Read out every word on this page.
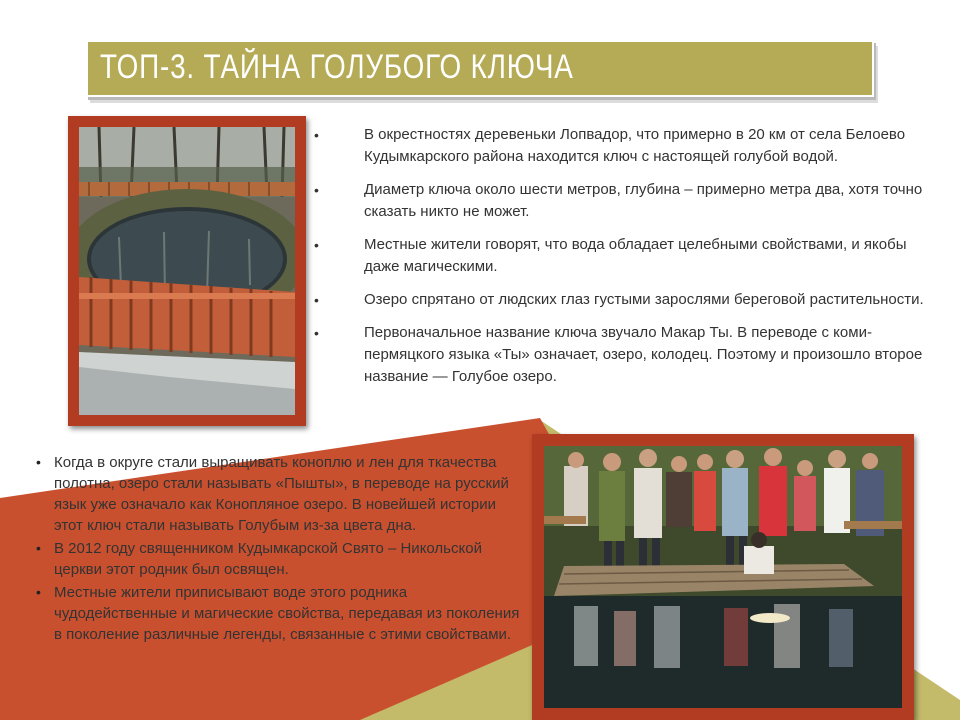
ТОП-3. ТАЙНА ГОЛУБОГО КЛЮЧА
•	В окрестностях деревеньки Лопвадор, что примерно в 20 км от села Белоево Кудымкарского района находится ключ с настоящей голубой водой.
•	Диаметр ключа около шести метров, глубина – примерно метра два, хотя точно сказать никто не может.
•	Местные жители говорят, что вода обладает целебными свойствами, и якобы даже магическими.
•	Озеро спрятано от людских глаз густыми зарослями береговой растительности.
•	Первоначальное название ключа звучало Макар Ты. В переводе с коми-пермяцкого языка «Ты» означает, озеро, колодец. Поэтому и произошло второе название — Голубое озеро.
• Когда в округе стали выращивать коноплю и лен для ткачества полотна, озеро стали называть «Пышты», в переводе на русский язык уже означало как Конопляное озеро. В новейшей истории этот ключ стали называть Голубым из-за цвета дна.
• В 2012 году священником Кудымкарской Свято – Никольской церкви этот родник был освящен.
• Местные жители приписывают воде этого родника чудодейственные и магические свойства, передавая из поколения в поколение различные легенды, связанные с этими свойствами.
